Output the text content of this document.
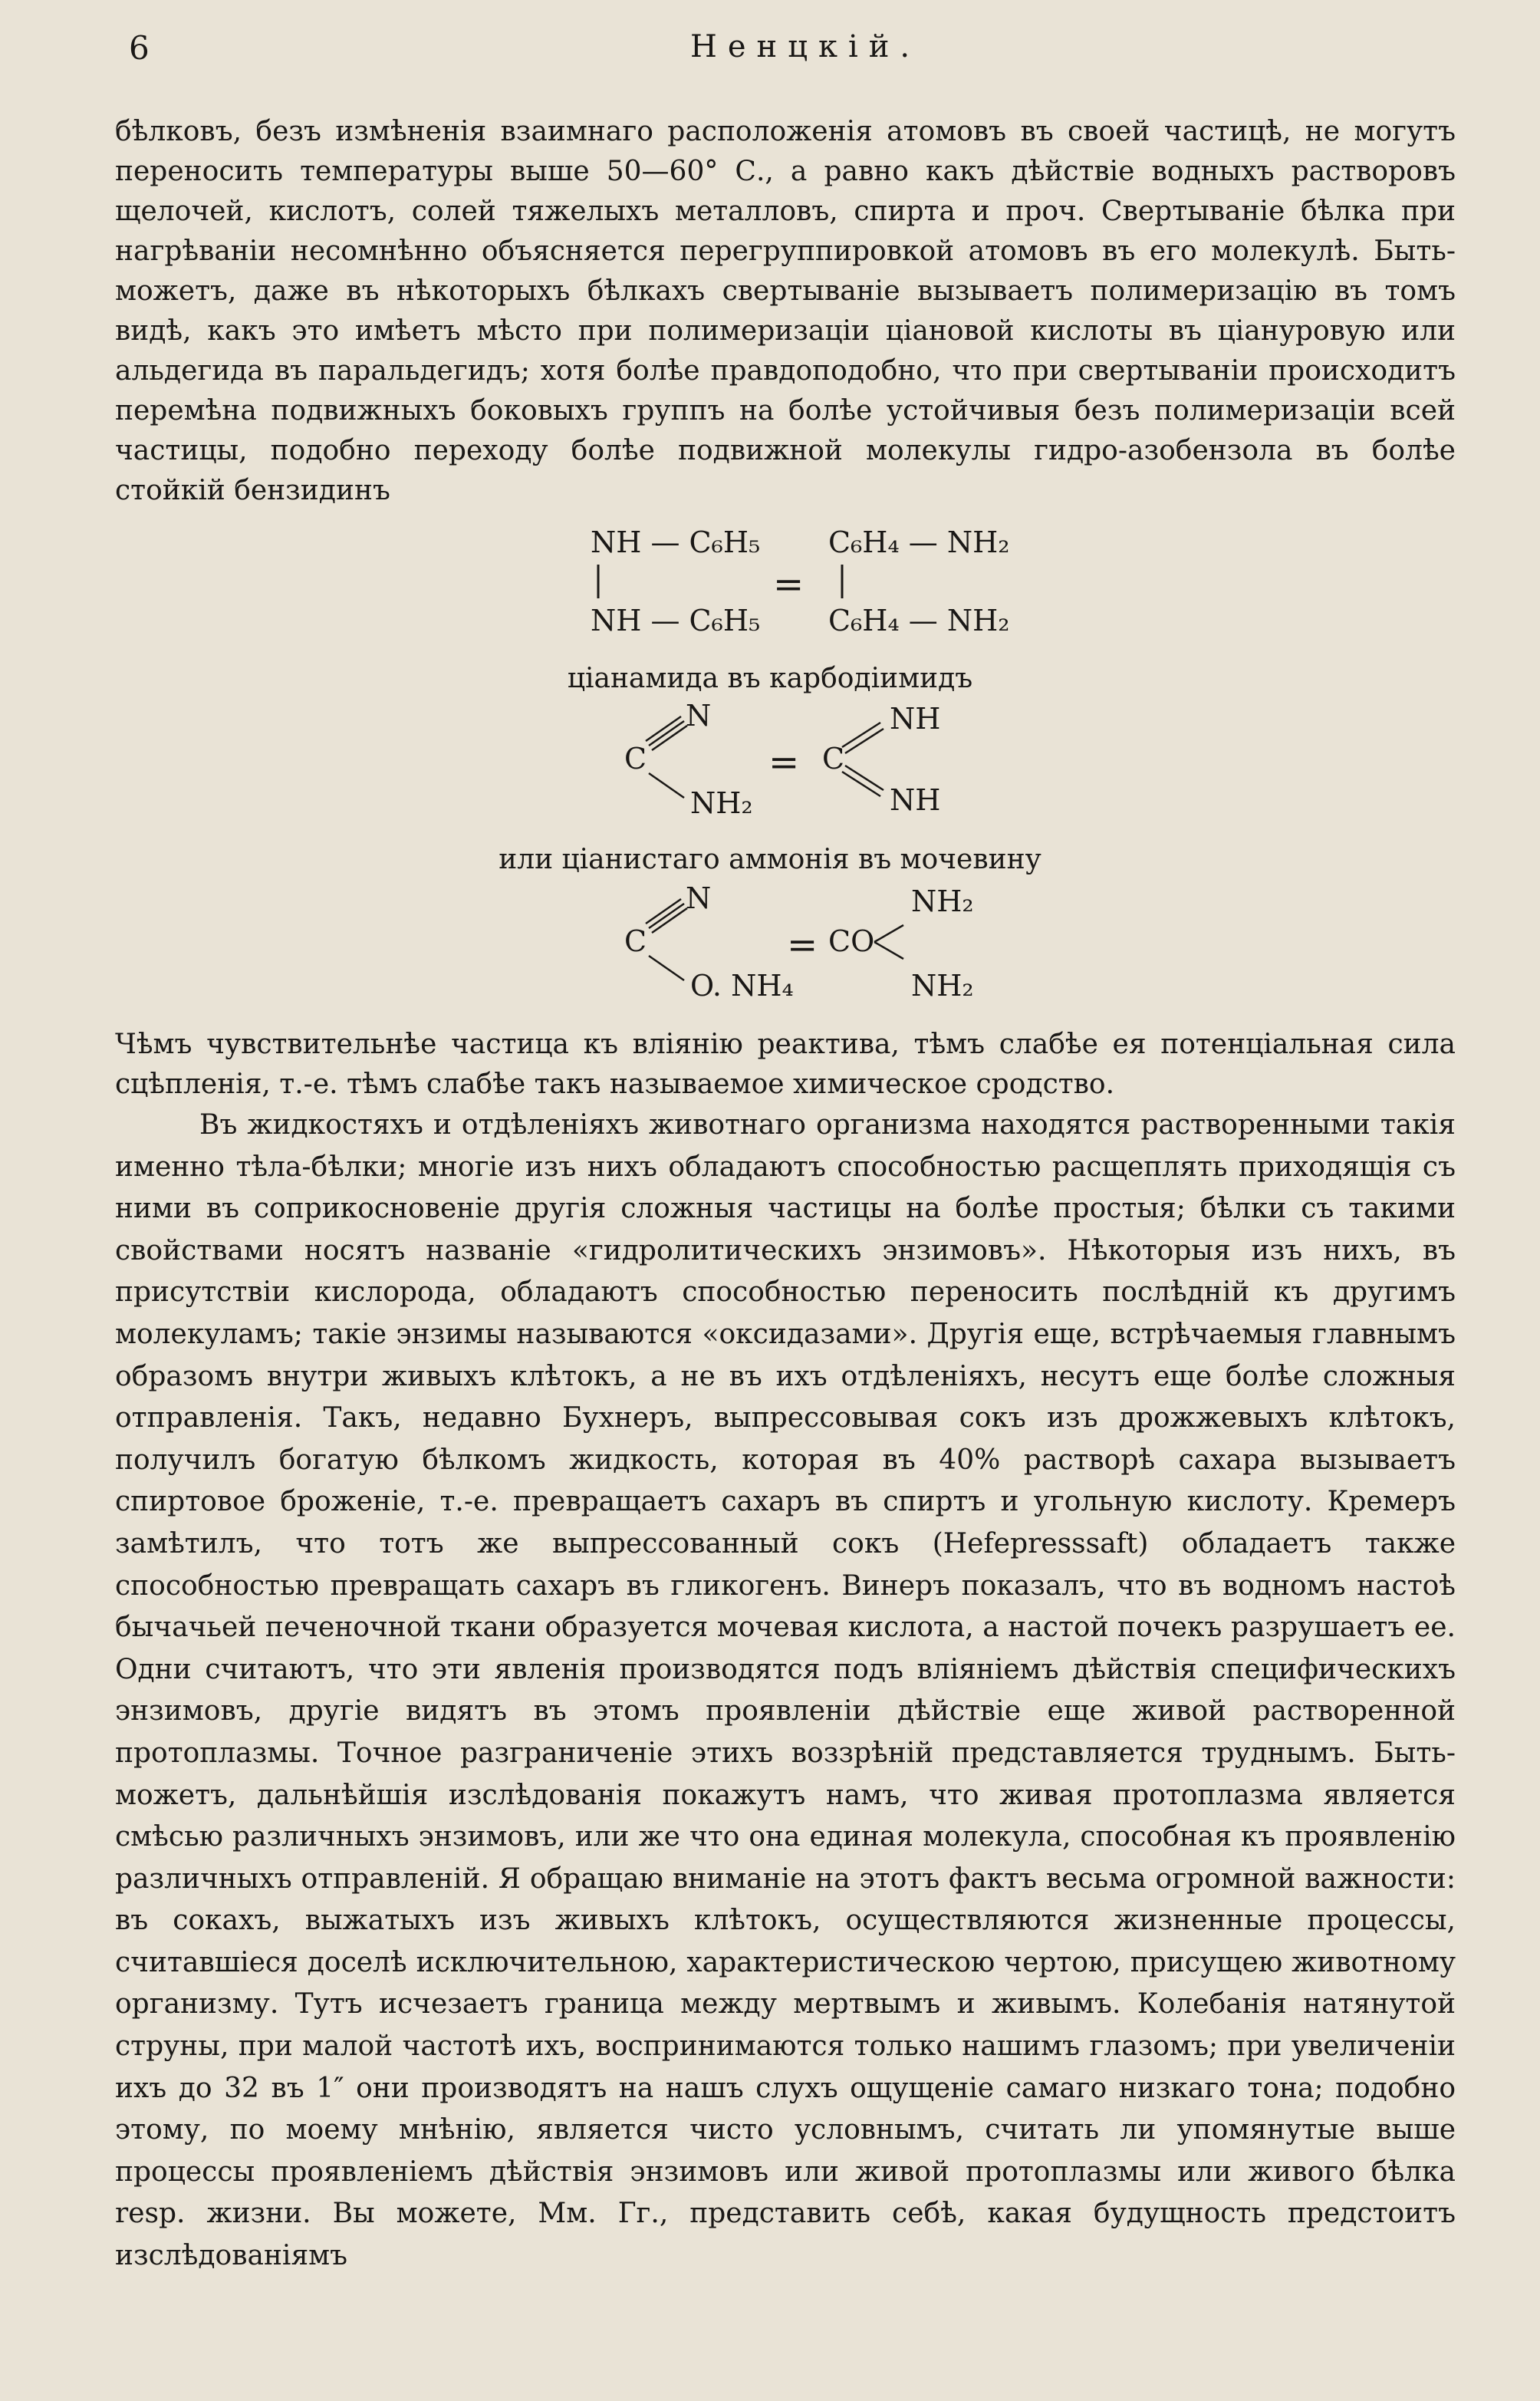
6	Ненцкій.
бѣлковъ, безъ измѣненія взаимнаго расположенія атомовъ въ своей частицѣ, не могутъ переносить температуры выше 50—60° С., а равно какъ дѣйствіе водныхъ растворовъ щелочей, кислотъ, солей тяжелыхъ металловъ, спирта и проч. Свертываніе бѣлка при нагрѣваніи несомнѣнно объясняется перегруппировкой атомовъ въ его молекулѣ. Быть-можетъ, даже въ нѣкоторыхъ бѣлкахъ свертываніе вызываетъ полимеризацію въ томъ видѣ, какъ это имѣетъ мѣсто при полимеризаціи ціановой кислоты въ ціануровую или альдегида въ паральдегидъ; хотя болѣе правдоподобно, что при свертываніи происходитъ перемѣна подвижныхъ боковыхъ группъ на болѣе устойчивыя безъ полимеризаціи всей частицы, подобно переходу болѣе подвижной молекулы гидро-азобензола въ болѣе стойкій бензидинъ
NH — C₆H₅
NH — C₆H₅
=
C₆H₄ — NH₂
C₆H₄ — NH₂
ціанамида въ карбодіимидъ
C
N
NH₂
= C
NH
NH
или ціанистаго аммонія въ мочевину
C
N
O. NH₄
= CO
NH₂
NH₂
Чѣмъ чувствительнѣе частица къ вліянію реактива, тѣмъ слабѣе ея потенціальная сила сцѣпленія, т.-е. тѣмъ слабѣе такъ называемое химическое сродство.
Въ жидкостяхъ и отдѣленіяхъ животнаго организма находятся растворенными такія именно тѣла-бѣлки; многіе изъ нихъ обладаютъ способностью расщеплять приходящія съ ними въ соприкосновеніе другія сложныя частицы на болѣе простыя; бѣлки съ такими свойствами носятъ названіе «гидролитическихъ энзимовъ». Нѣкоторыя изъ нихъ, въ присутствіи кислорода, обладаютъ способностью переносить послѣдній къ другимъ молекуламъ; такіе энзимы называются «оксидазами». Другія еще, встрѣчаемыя главнымъ образомъ внутри живыхъ клѣтокъ, а не въ ихъ отдѣленіяхъ, несутъ еще болѣе сложныя отправленія. Такъ, недавно Бухнеръ, выпрессовывая сокъ изъ дрожжевыхъ клѣтокъ, получилъ богатую бѣлкомъ жидкость, которая въ 40% растворѣ сахара вызываетъ спиртовое броженіе, т.-е. превращаетъ сахаръ въ спиртъ и угольную кислоту. Кремеръ замѣтилъ, что тотъ же выпрессованный сокъ (Hefepresssaft) обладаетъ также способностью превращать сахаръ въ гликогенъ. Винеръ показалъ, что въ водномъ настоѣ бычачьей печеночной ткани образуется мочевая кислота, а настой почекъ разрушаетъ ее. Одни считаютъ, что эти явленія производятся подъ вліяніемъ дѣйствія специфическихъ энзимовъ, другіе видятъ въ этомъ проявленіи дѣйствіе еще живой растворенной протоплазмы. Точное разграниченіе этихъ воззрѣній представляется труднымъ. Быть-можетъ, дальнѣйшія изслѣдованія покажутъ намъ, что живая протоплазма является смѣсью различныхъ энзимовъ, или же что она единая молекула, способная къ проявленію различныхъ отправленій. Я обращаю вниманіе на этотъ фактъ весьма огромной важности: въ сокахъ, выжатыхъ изъ живыхъ клѣтокъ, осуществляются жизненные процессы, считавшіеся доселѣ исключительною, характеристическою чертою, присущею животному организму. Тутъ исчезаетъ граница между мертвымъ и живымъ. Колебанія натянутой струны, при малой частотѣ ихъ, воспринимаются только нашимъ глазомъ; при увеличеніи ихъ до 32 въ 1″ они производятъ на нашъ слухъ ощущеніе самаго низкаго тона; подобно этому, по моему мнѣнію, является чисто условнымъ, считать ли упомянутые выше процессы проявленіемъ дѣйствія энзимовъ или живой протоплазмы или живого бѣлка resp. жизни. Вы можете, Мм. Гг., представить себѣ, какая будущность предстоитъ изслѣдованіямъ
